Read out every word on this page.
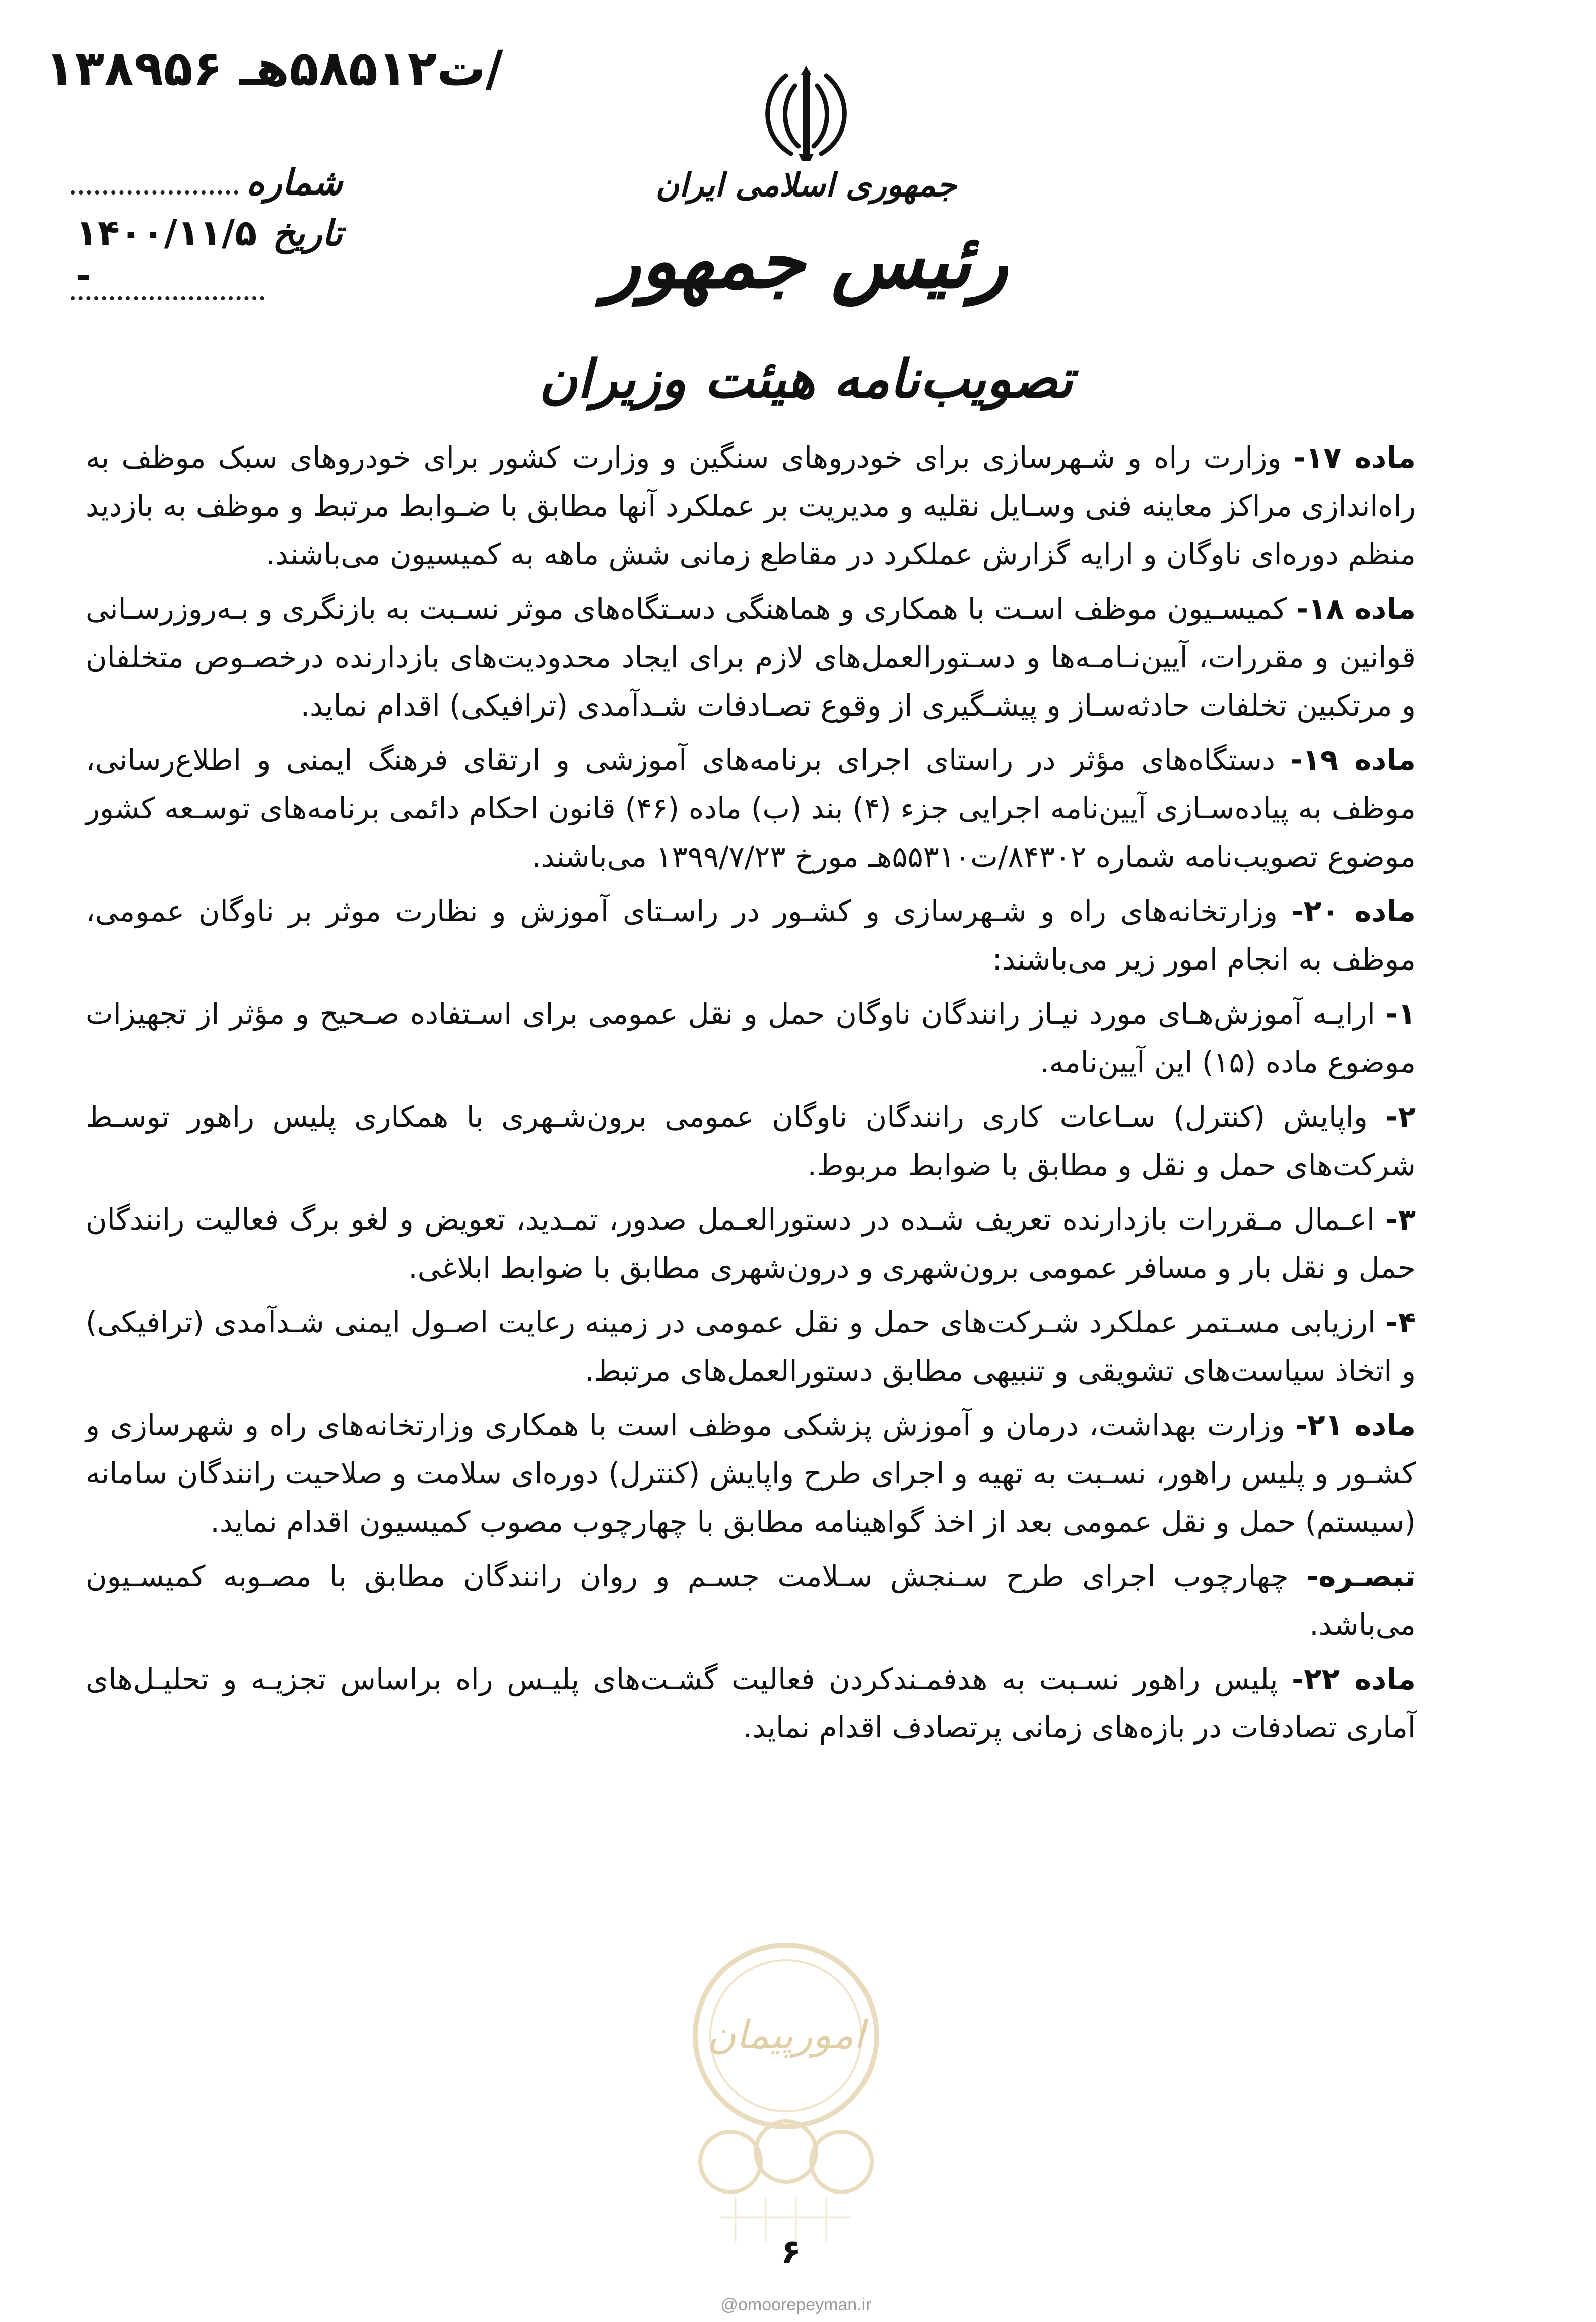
/ت۵۸۵۱۲هـ ۱۳۸۹۵۶
شماره
تاریخ
۱۴۰۰/۱۱/۵ -
جمهوری اسلامی ایران
رئیس جمهور
تصویب‌نامه هیئت وزیران

ماده ۱۷- وزارت راه و شـهرسازی برای خودروهای سنگین و وزارت کشور برای خودروهای سبک موظف به راه‌اندازی مراکز معاینه فنی وسـایل نقلیه و مدیریت بر عملکرد آنها مطابق با ضـوابط مرتبط و موظف به بازدید منظم دوره‌ای ناوگان و ارایه گزارش عملکرد در مقاطع زمانی شش ماهه به کمیسیون می‌باشند.

ماده ۱۸- کمیسـیون موظف اسـت با همکاری و هماهنگی دسـتگاه‌های موثر نسـبت به بازنگری و بـه‌روزرسـانی قوانین و مقررات، آیین‌نـامـه‌ها و دسـتورالعمل‌های لازم برای ایجاد محدودیت‌های بازدارنده درخصـوص متخلفان و مرتکبین تخلفات حادثه‌سـاز و پیشـگیری از وقوع تصـادفات شـدآمدی (ترافیکی) اقدام نماید.

ماده ۱۹- دستگاه‌های مؤثر در راستای اجرای برنامه‌های آموزشی و ارتقای فرهنگ ایمنی و اطلاع‌رسانی، موظف به پیاده‌سـازی آیین‌نامه اجرایی جزء (۴) بند (ب) ماده (۴۶) قانون احکام دائمی برنامه‌های توسـعه کشور موضوع تصویب‌نامه شماره ۸۴۳۰۲/ت۵۵۳۱۰هـ مورخ ۱۳۹۹/۷/۲۳ می‌باشند.

ماده ۲۰- وزارتخانه‌های راه و شـهرسازی و کشـور در راسـتای آموزش و نظارت موثر بر ناوگان عمومی، موظف به انجام امور زیر می‌باشند:

۱- ارایـه آموزش‌هـای مورد نیـاز رانندگان ناوگان حمل و نقل عمومی برای اسـتفاده صـحیح و مؤثر از تجهیزات موضوع ماده (۱۵) این آیین‌نامه.

۲- واپایش (کنترل) سـاعات کاری رانندگان ناوگان عمومی برون‌شـهری با همکاری پلیس راهور توسـط شرکت‌های حمل و نقل و مطابق با ضوابط مربوط.

۳- اعـمال مـقررات بازدارنده تعریف شـده در دستورالعـمل صدور، تمـدید، تعویض و لغو برگ فعالیت رانندگان حمل و نقل بار و مسافر عمومی برون‌شهری و درون‌شهری مطابق با ضوابط ابلاغی.

۴- ارزیابی مسـتمر عملکرد شـرکت‌های حمل و نقل عمومی در زمینه رعایت اصـول ایمنی شـدآمدی (ترافیکی) و اتخاذ سیاست‌های تشویقی و تنبیهی مطابق دستورالعمل‌های مرتبط.

ماده ۲۱- وزارت بهداشت، درمان و آموزش پزشکی موظف است با همکاری وزارتخانه‌های راه و شهرسازی و کشـور و پلیس راهور، نسـبت به تهیه و اجرای طرح واپایش (کنترل) دوره‌ای سلامت و صلاحیت رانندگان سامانه (سیستم) حمل و نقل عمومی بعد از اخذ گواهینامه مطابق با چهارچوب مصوب کمیسیون اقدام نماید.

تبصـره- چهارچوب اجرای طرح سـنجش سـلامت جسـم و روان رانندگان مطابق با مصـوبه کمیسـیون می‌باشد.

ماده ۲۲- پلیس راهور نسـبت به هدفمـندکردن فعالیت گشـت‌های پلیـس راه براساس تجزیـه و تحلیـل‌های آماری تصادفات در بازه‌های زمانی پرتصادف اقدام نماید.

امورپیمان
۶
@omoorepeyman.ir
